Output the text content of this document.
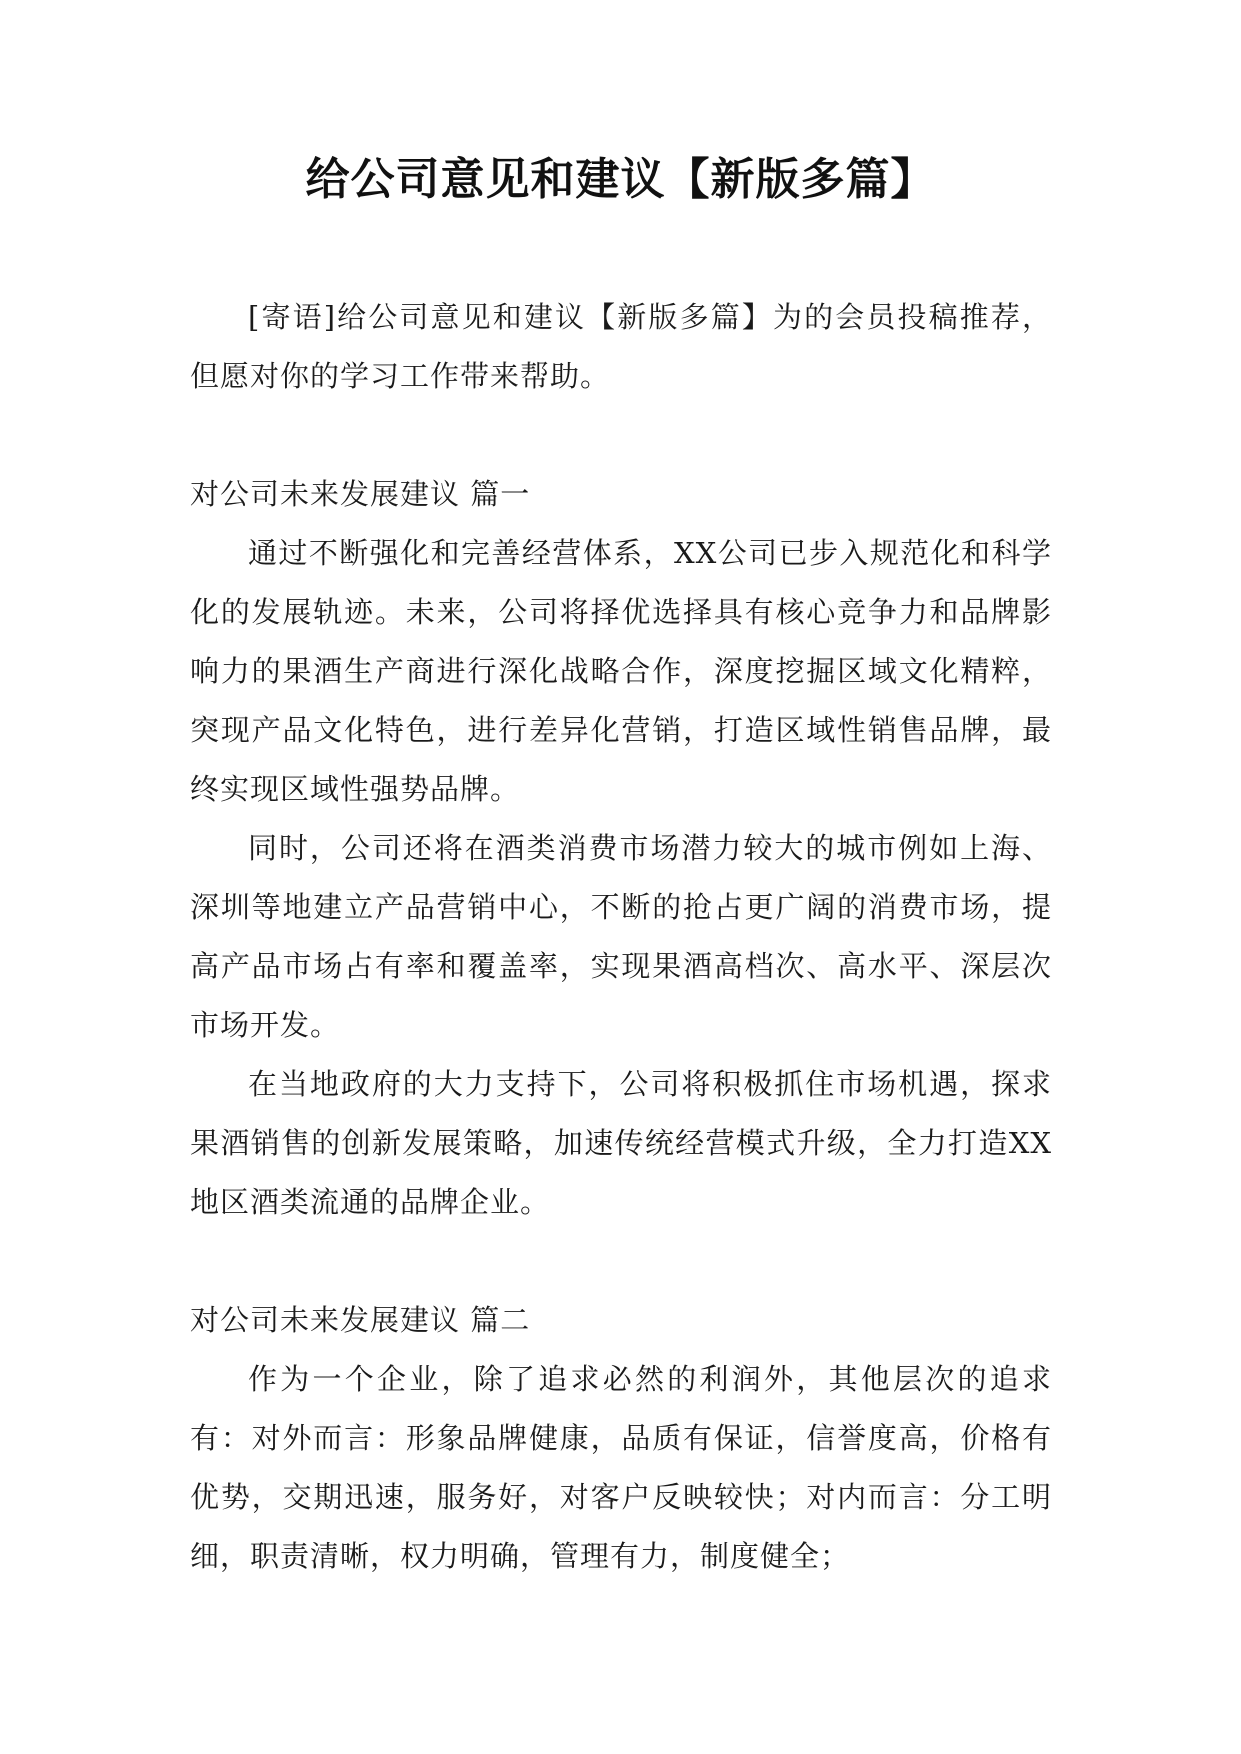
给公司意见和建议【新版多篇】

[寄语]给公司意见和建议【新版多篇】为的会员投稿推荐，但愿对你的学习工作带来帮助。

对公司未来发展建议 篇一

通过不断强化和完善经营体系，XX公司已步入规范化和科学化的发展轨迹。未来，公司将择优选择具有核心竞争力和品牌影响力的果酒生产商进行深化战略合作，深度挖掘区域文化精粹，突现产品文化特色，进行差异化营销，打造区域性销售品牌，最终实现区域性强势品牌。

同时，公司还将在酒类消费市场潜力较大的城市例如上海、深圳等地建立产品营销中心，不断的抢占更广阔的消费市场，提高产品市场占有率和覆盖率，实现果酒高档次、高水平、深层次市场开发。

在当地政府的大力支持下，公司将积极抓住市场机遇，探求果酒销售的创新发展策略，加速传统经营模式升级，全力打造XX地区酒类流通的品牌企业。

对公司未来发展建议 篇二

作为一个企业，除了追求必然的利润外，其他层次的追求有：对外而言：形象品牌健康，品质有保证，信誉度高，价格有优势，交期迅速，服务好，对客户反映较快；对内而言：分工明细，职责清晰，权力明确，管理有力，制度健全；
